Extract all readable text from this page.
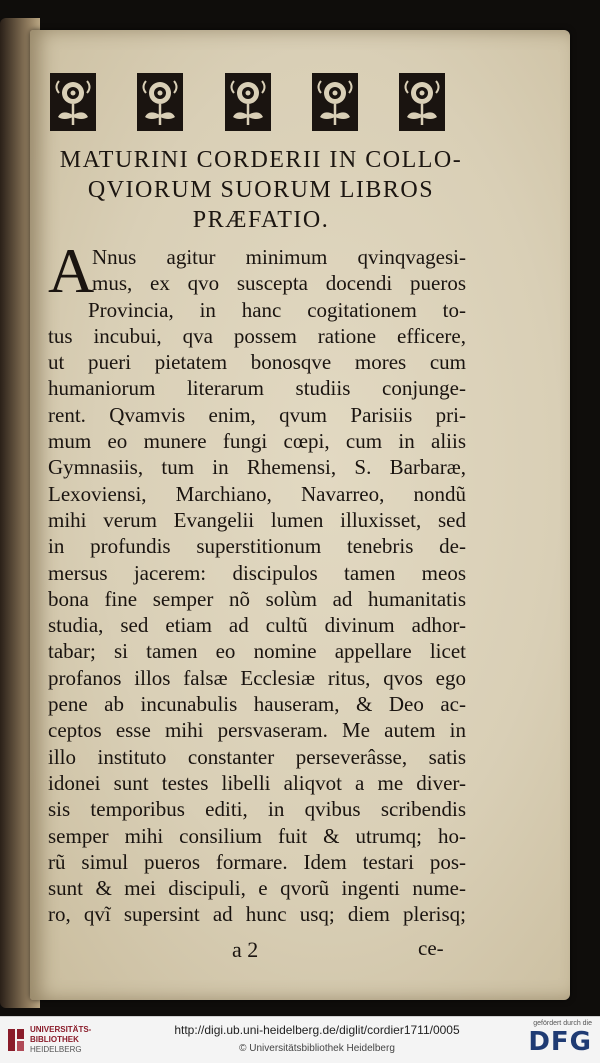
MATURINI CORDERII IN COLLO-
QVIORUM SUORUM LIBROS
PRÆFATIO.
A
Nnus agitur minimum qvinqvagesi-
mus, ex qvo suscepta docendi pueros
Provincia, in hanc cogitationem to-
tus incubui, qva possem ratione efficere,
ut pueri pietatem bonosqve mores cum
humaniorum literarum studiis conjunge-
rent. Qvamvis enim, qvum Parisiis pri-
mum eo munere fungi cœpi, cum in aliis
Gymnasiis, tum in Rhemensi, S. Barbaræ,
Lexoviensi, Marchiano, Navarreo, nondũ
mihi verum Evangelii lumen illuxisset, sed
in profundis superstitionum tenebris de-
mersus jacerem: discipulos tamen meos
bona fine semper nõ solùm ad humanitatis
studia, sed etiam ad cultũ divinum adhor-
tabar; si tamen eo nomine appellare licet
profanos illos falsæ Ecclesiæ ritus, qvos ego
pene ab incunabulis hauseram, & Deo ac-
ceptos esse mihi persvaseram. Me autem in
illo instituto constanter perseverâsse, satis
idonei sunt testes libelli aliqvot a me diver-
sis temporibus editi, in qvibus scribendis
semper mihi consilium fuit & utrumq; ho-
rũ simul pueros formare. Idem testari pos-
sunt & mei discipuli, e qvorũ ingenti nume-
ro, qvĩ supersint ad hunc usq; diem plerisq;
a 2	ce-
UNIVERSITÄTS-
BIBLIOTHEK
HEIDELBERG
http://digi.ub.uni-heidelberg.de/diglit/cordier1711/0005
© Universitätsbibliothek Heidelberg
gefördert durch die
DFG
